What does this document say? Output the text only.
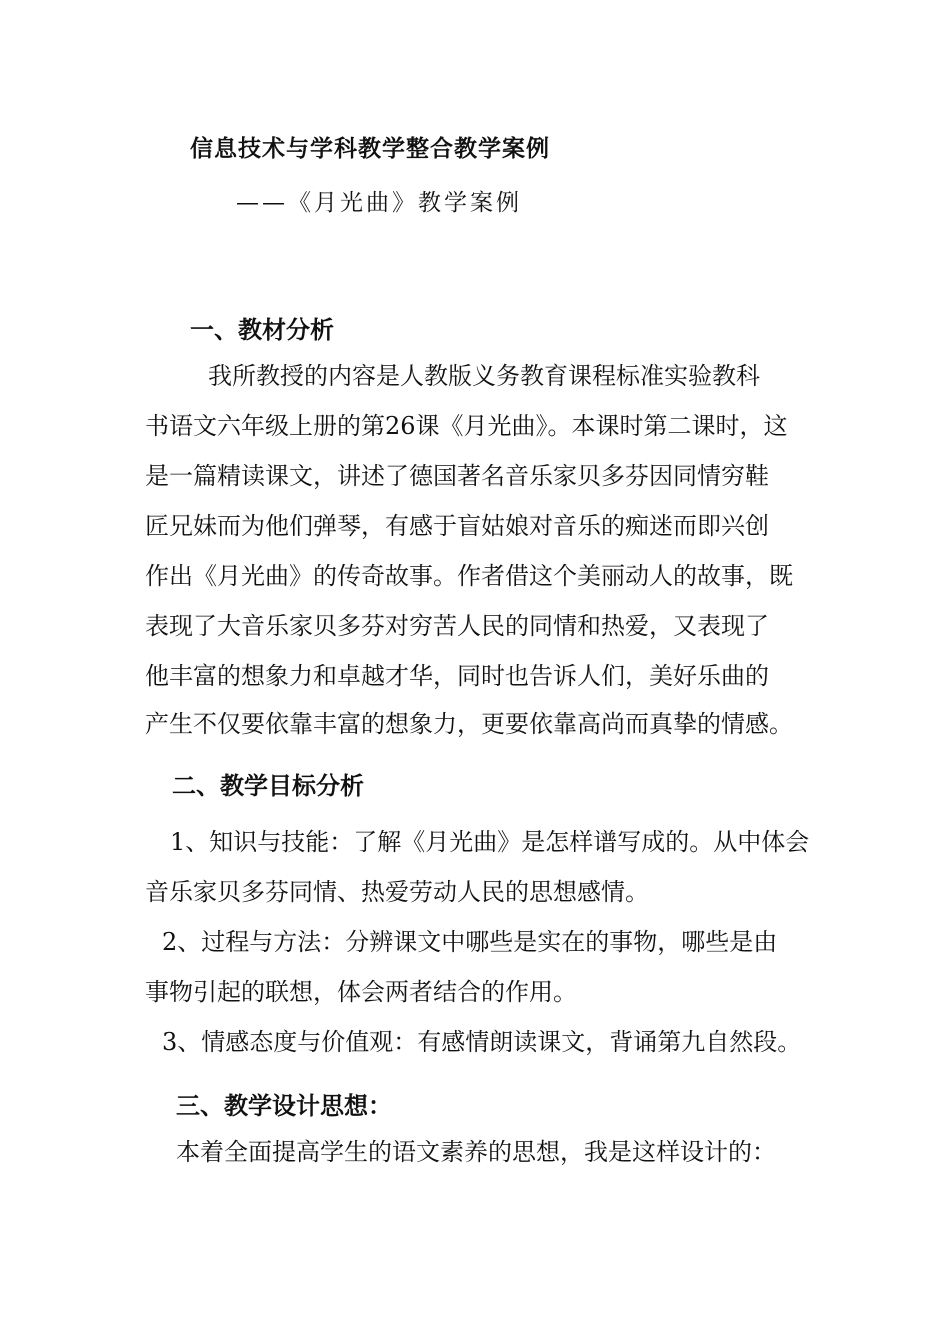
信息技术与学科教学整合教学案例
——《月光曲》教学案例
一、教材分析
我所教授的内容是人教版义务教育课程标准实验教科
书语文六年级上册的第26课《月光曲》。本课时第二课时，这
是一篇精读课文，讲述了德国著名音乐家贝多芬因同情穷鞋
匠兄妹而为他们弹琴，有感于盲姑娘对音乐的痴迷而即兴创
作出《月光曲》的传奇故事。作者借这个美丽动人的故事，既
表现了大音乐家贝多芬对穷苦人民的同情和热爱，又表现了
他丰富的想象力和卓越才华，同时也告诉人们，美好乐曲的
产生不仅要依靠丰富的想象力，更要依靠高尚而真挚的情感。
二、教学目标分析
1、知识与技能：了解《月光曲》是怎样谱写成的。从中体会
音乐家贝多芬同情、热爱劳动人民的思想感情。
2、过程与方法：分辨课文中哪些是实在的事物，哪些是由
事物引起的联想，体会两者结合的作用。
3、情感态度与价值观：有感情朗读课文，背诵第九自然段。
三、教学设计思想：
本着全面提高学生的语文素养的思想，我是这样设计的：
